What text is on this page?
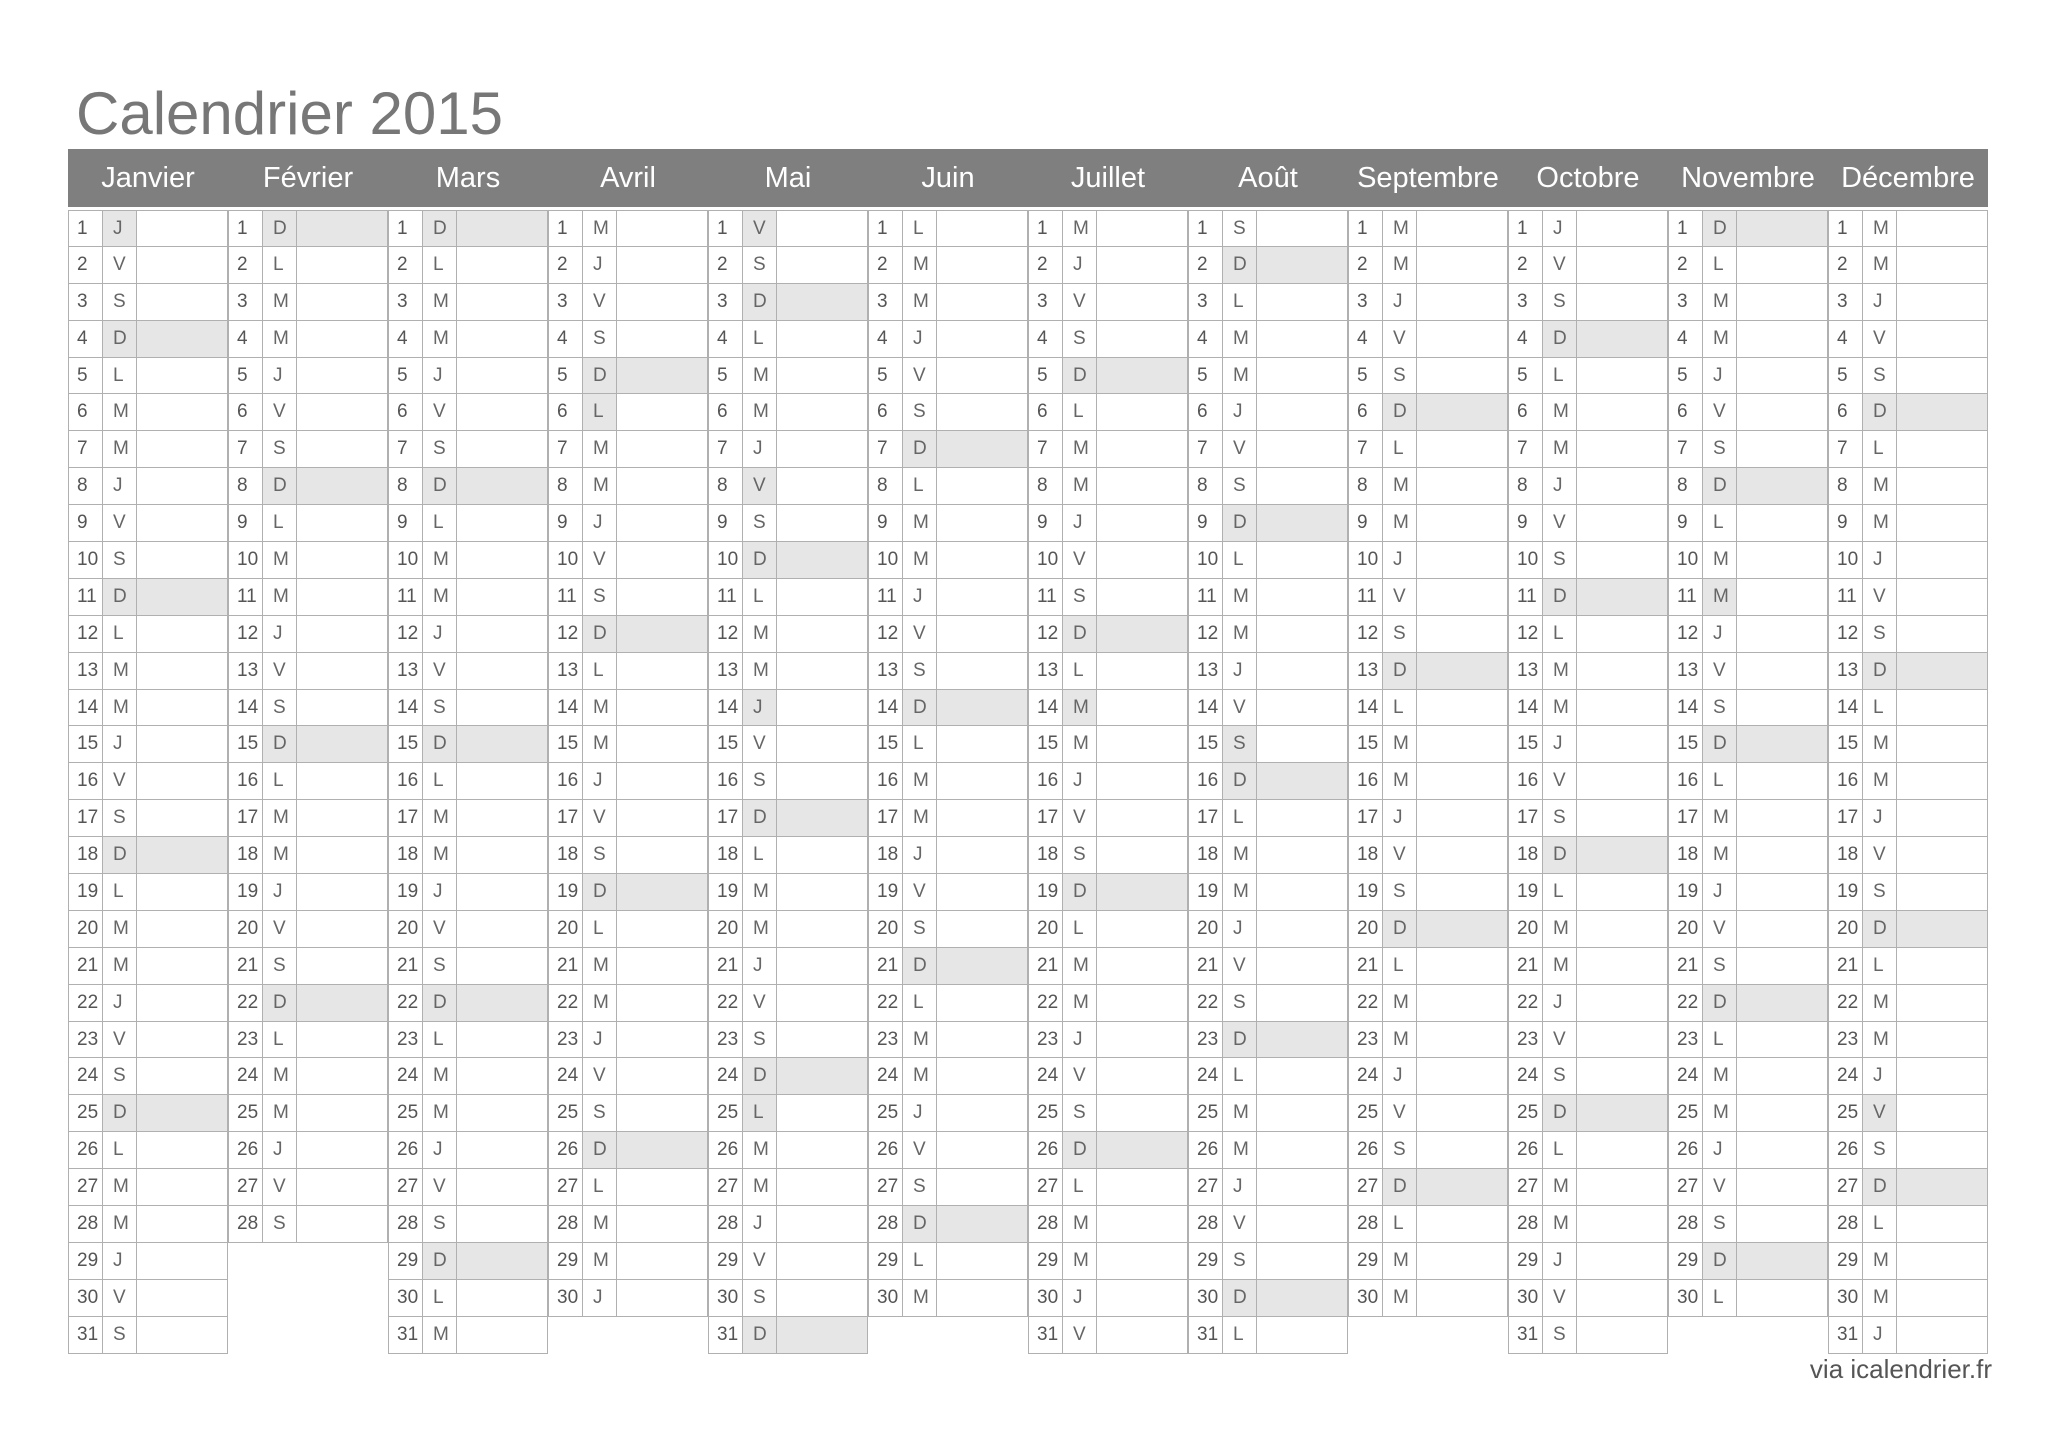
Calendrier 2015
Janvier	Février	Mars	Avril	Mai	Juin	Juillet	Août	Septembre	Octobre	Novembre Décembre
1	J
2	V
3	S
4	D
5	L
6	M
7	M
8	J
9	V
10 S
11 D
12 L
13 M
14 M
15 J
16 V
17 S
18 D
19 L
20 M
21 M
22 J
23 V
24 S
25 D
26 L
27 M
28 M
29 J
30 V
31 S
1	D
2	L
3	M
4	M
5	J
6	V
7	S
8	D
9	L
10 M
11 M
12 J
13 V
14 S
15 D
16 L
17 M
18 M
19 J
20 V
21 S
22 D
23 L
24 M
25 M
26 J
27 V
28 S
1	D
2	L
3	M
4	M
5	J
6	V
7	S
8	D
9	L
10 M
11 M
12 J
13 V
14 S
15 D
16 L
17 M
18 M
19 J
20 V
21 S
22 D
23 L
24 M
25 M
26 J
27 V
28 S
29 D
30 L
31 M
1	M
2	J
3	V
4	S
5	D
6	L
7	M
8	M
9	J
10 V
11 S
12 D
13 L
14 M
15 M
16 J
17 V
18 S
19 D
20 L
21 M
22 M
23 J
24 V
25 S
26 D
27 L
28 M
29 M
30 J
1	V
2	S
3	D
4	L
5	M
6	M
7	J
8	V
9	S
10 D
11 L
12 M
13 M
14 J
15 V
16 S
17 D
18 L
19 M
20 M
21 J
22 V
23 S
24 D
25 L
26 M
27 M
28 J
29 V
30 S
31 D
1	L
2	M
3	M
4	J
5	V
6	S
7	D
8	L
9	M
10 M
11 J
12 V
13 S
14 D
15 L
16 M
17 M
18 J
19 V
20 S
21 D
22 L
23 M
24 M
25 J
26 V
27 S
28 D
29 L
30 M
1	M
2	J
3	V
4	S
5	D
6	L
7	M
8	M
9	J
10 V
11 S
12 D
13 L
14 M
15 M
16 J
17 V
18 S
19 D
20 L
21 M
22 M
23 J
24 V
25 S
26 D
27 L
28 M
29 M
30 J
31 V
1	S
2	D
3	L
4	M
5	M
6	J
7	V
8	S
9	D
10 L
11 M
12 M
13 J
14 V
15 S
16 D
17 L
18 M
19 M
20 J
21 V
22 S
23 D
24 L
25 M
26 M
27 J
28 V
29 S
30 D
31 L
1	M
2	M
3	J
4	V
5	S
6	D
7	L
8	M
9	M
10 J
11 V
12 S
13 D
14 L
15 M
16 M
17 J
18 V
19 S
20 D
21 L
22 M
23 M
24 J
25 V
26 S
27 D
28 L
29 M
30 M
1	J
2	V
3	S
4	D
5	L
6	M
7	M
8	J
9	V
10 S
11 D
12 L
13 M
14 M
15 J
16 V
17 S
18 D
19 L
20 M
21 M
22 J
23 V
24 S
25 D
26 L
27 M
28 M
29 J
30 V
31 S
1	D
2	L
3	M
4	M
5	J
6	V
7	S
8	D
9	L
10 M
11 M
12 J
13 V
14 S
15 D
16 L
17 M
18 M
19 J
20 V
21 S
22 D
23 L
24 M
25 M
26 J
27 V
28 S
29 D
30 L
1	M
2	M
3	J
4	V
5	S
6	D
7	L
8	M
9	M
10 J
11 V
12 S
13 D
14 L
15 M
16 M
17 J
18 V
19 S
20 D
21 L
22 M
23 M
24 J
25 V
26 S
27 D
28 L
29 M
30 M
31 J
via icalendrier.fr
